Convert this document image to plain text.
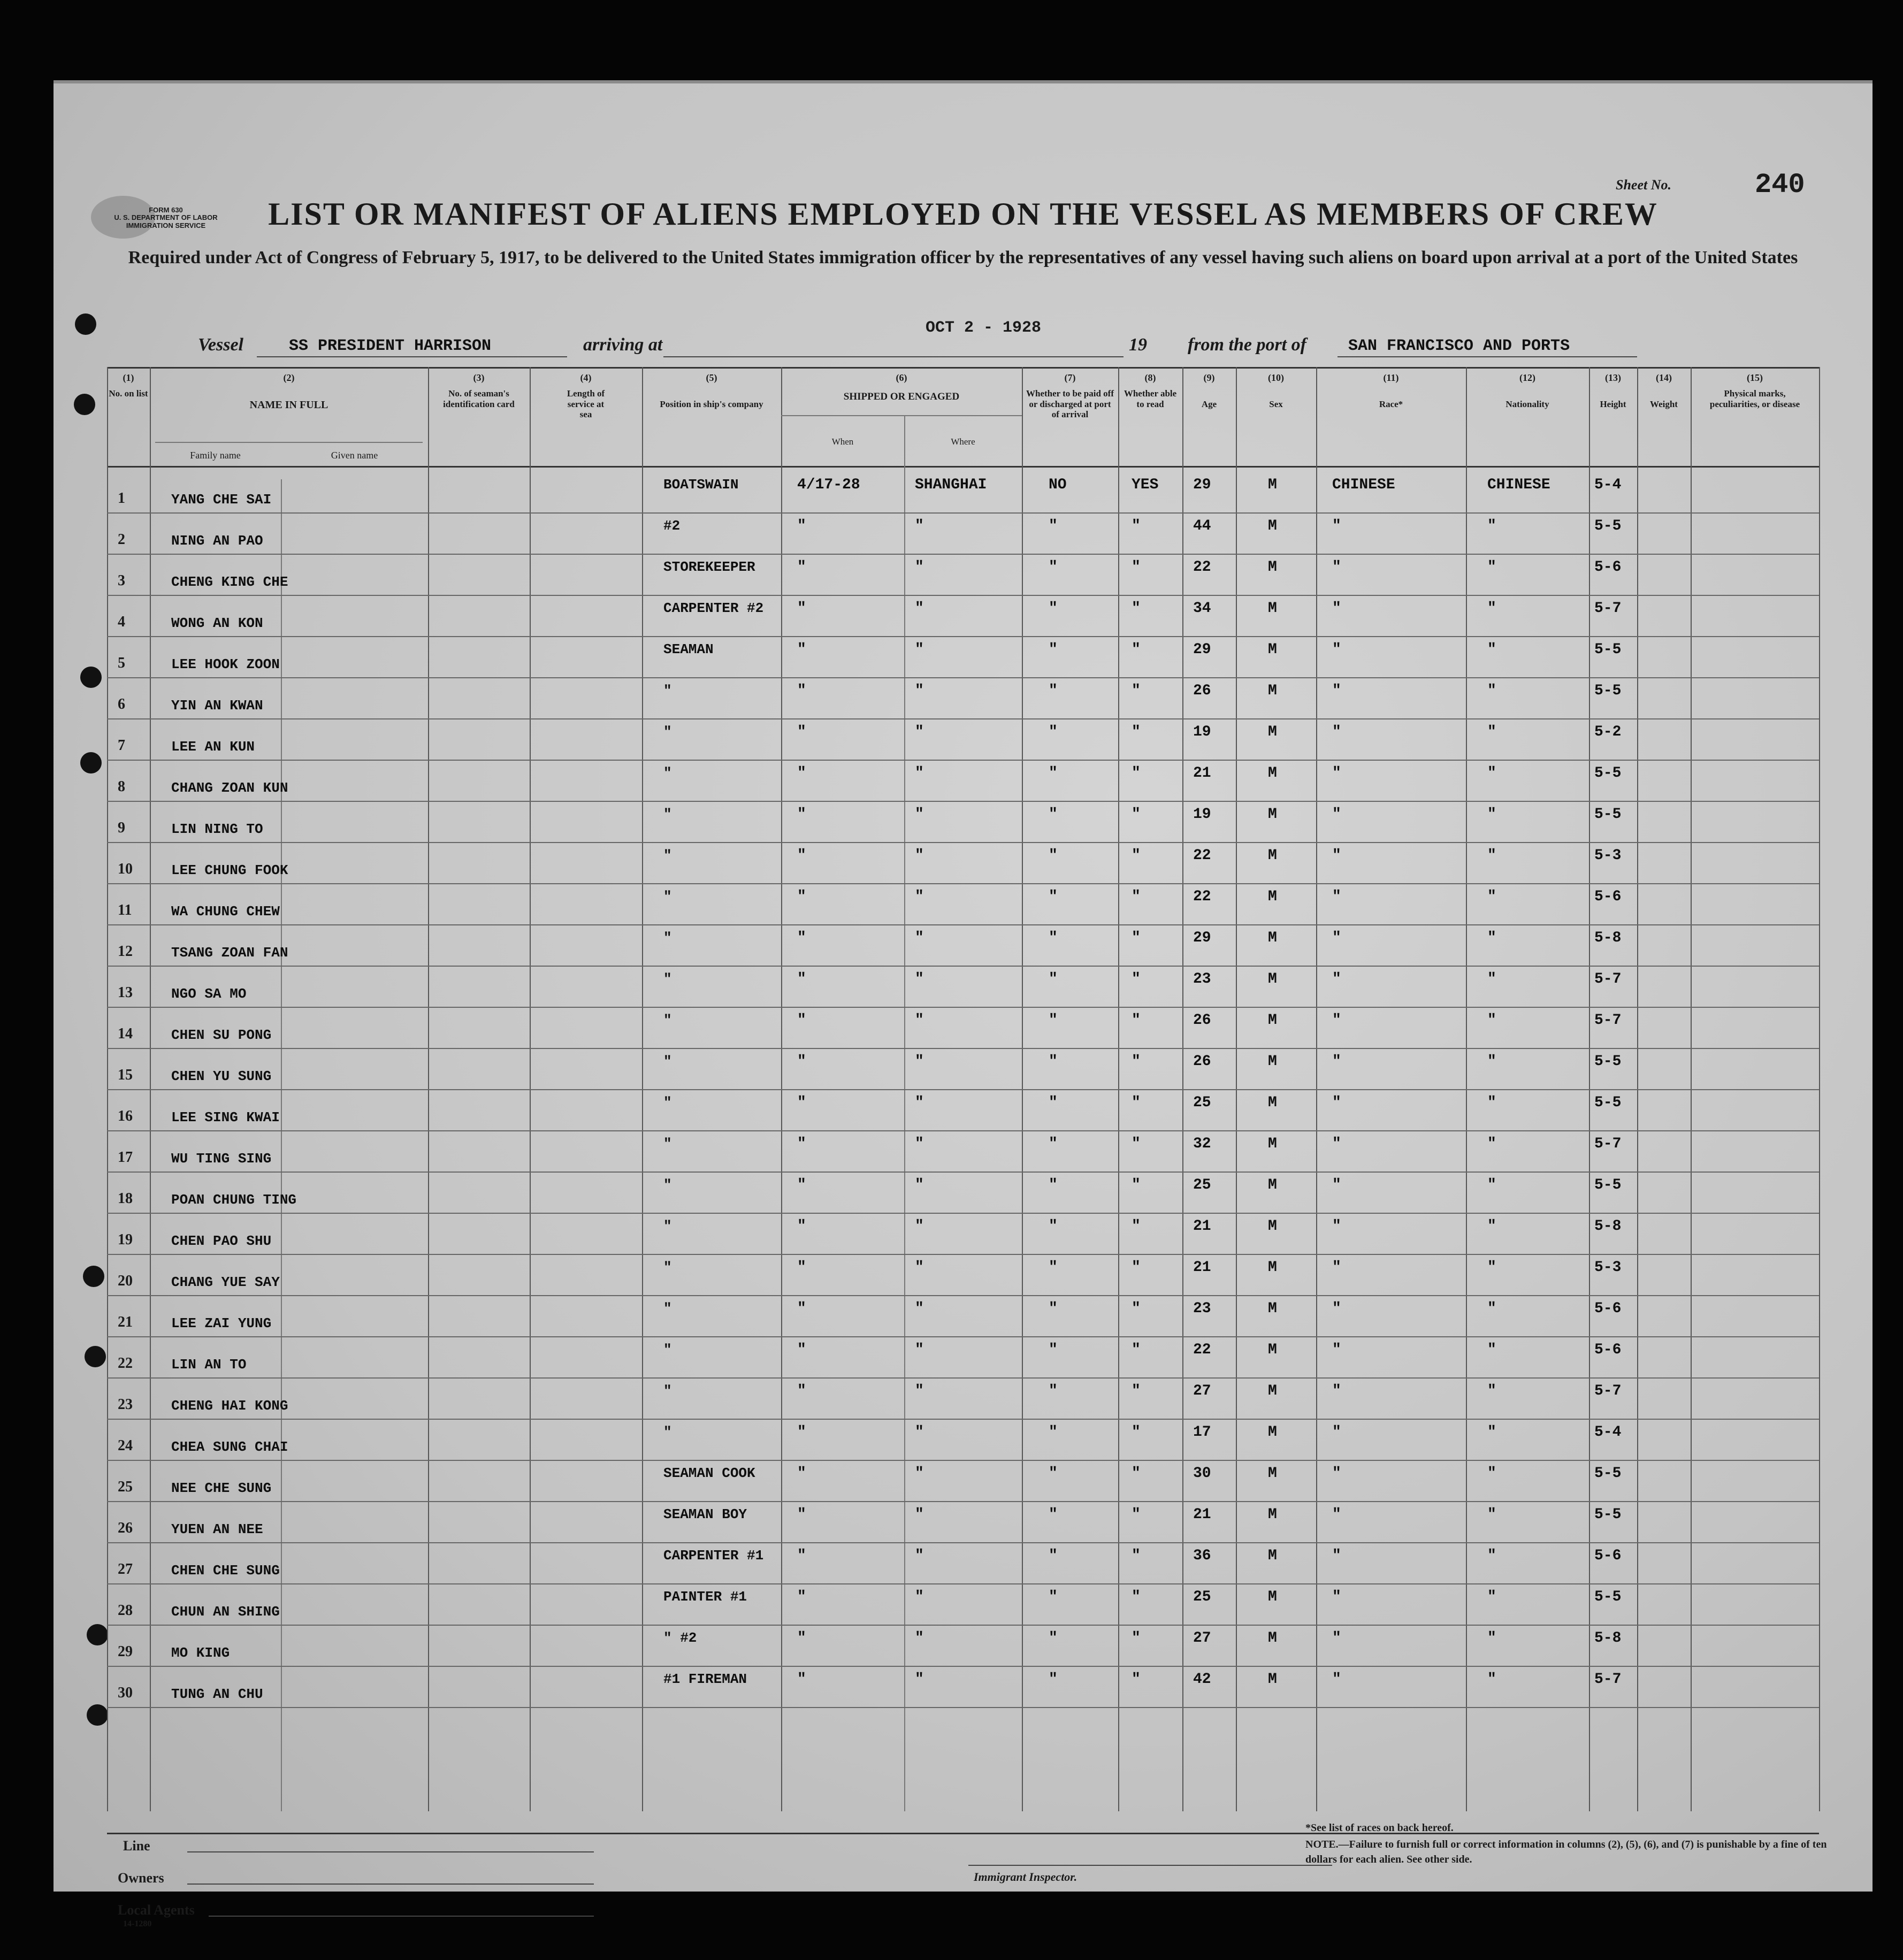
FORM 630
U. S. DEPARTMENT OF LABOR
IMMIGRATION SERVICE
Sheet No.	240
LIST OR MANIFEST OF ALIENS EMPLOYED ON THE VESSEL AS MEMBERS OF CREW
Required under Act of Congress of February 5, 1917, to be delivered to the United States immigration officer by the representatives of any vessel having such aliens on board upon arrival at a port of the United States
OCT 2 - 1928
Vessel	SS PRESIDENT HARRISON	arriving at	19 from the port of	SAN FRANCISCO AND PORTS
(1)
No. on list
(2)
NAME IN FULL
Family name	Given name
(3)
No. of seaman's identification card
(4)
Length of service at sea
(5)
Position in ship's company
(6)
SHIPPED OR ENGAGED
When	Where
(7)
Whether to be paid off or discharged at port of arrival
(8)
Whether able to read
(9)
Age
(10)
Sex
(11)
Race*
(12)
Nationality
(13)
Height
(14)
Weight
(15)
Physical marks, peculiarities, or disease
1	YANG CHE SAI
BOATSWAIN	4/17-28	SHANGHAI	NO	YES 29	M	CHINESE	CHINESE	5-4
2	NING AN PAO
#2	"	"	"	"	44	M	"	"	5-5
3	CHENG KING CHE
STOREKEEPER	"	"	"	"	22	M	"	"	5-6
4	WONG AN KON
CARPENTER #2 "	"	"	"	34	M	"	"	5-7
5	LEE HOOK ZOON
SEAMAN	"	"	"	"	29	M	"	"	5-5
6	YIN AN KWAN
"	"	"	"	"	26	M	"	"	5-5
7	LEE AN KUN
"	"	"	"	"	19	M	"	"	5-2
8	CHANG ZOAN KUN
"	"	"	"	"	21	M	"	"	5-5
9	LIN NING TO
"	"	"	"	"	19	M	"	"	5-5
10	LEE CHUNG FOOK
"	"	"	"	"	22	M	"	"	5-3
11	WA CHUNG CHEW
"	"	"	"	"	22	M	"	"	5-6
12	TSANG ZOAN FAN
"	"	"	"	"	29	M	"	"	5-8
13	NGO SA MO
"	"	"	"	"	23	M	"	"	5-7
14	CHEN SU PONG
"	"	"	"	"	26	M	"	"	5-7
15	CHEN YU SUNG
"	"	"	"	"	26	M	"	"	5-5
16	LEE SING KWAI
"	"	"	"	"	25	M	"	"	5-5
17	WU TING SING
"	"	"	"	"	32	M	"	"	5-7
18	POAN CHUNG TING
"	"	"	"	"	25	M	"	"	5-5
19	CHEN PAO SHU
"	"	"	"	"	21	M	"	"	5-8
20	CHANG YUE SAY
"	"	"	"	"	21	M	"	"	5-3
21	LEE ZAI YUNG
"	"	"	"	"	23	M	"	"	5-6
22	LIN AN TO
"	"	"	"	"	22	M	"	"	5-6
23	CHENG HAI KONG
"	"	"	"	"	27	M	"	"	5-7
24	CHEA SUNG CHAI
"	"	"	"	"	17	M	"	"	5-4
25	NEE CHE SUNG
SEAMAN COOK	"	"	"	"	30	M	"	"	5-5
26	YUEN AN NEE
SEAMAN BOY	"	"	"	"	21	M	"	"	5-5
27	CHEN CHE SUNG
CARPENTER #1 "	"	"	"	36	M	"	"	5-6
28	CHUN AN SHING
PAINTER #1	"	"	"	"	25	M	"	"	5-5
29	MO KING
" #2	"	"	"	"	27	M	"	"	5-8
30	TUNG AN CHU
#1 FIREMAN	"	"	"	"	42	M	"	"	5-7
Line
Owners
Local Agents
14-1280
Immigrant Inspector.
*See list of races on back hereof.
NOTE.—Failure to furnish full or correct information in columns (2), (5), (6), and (7) is punishable by a fine of ten dollars for each alien. See other side.
